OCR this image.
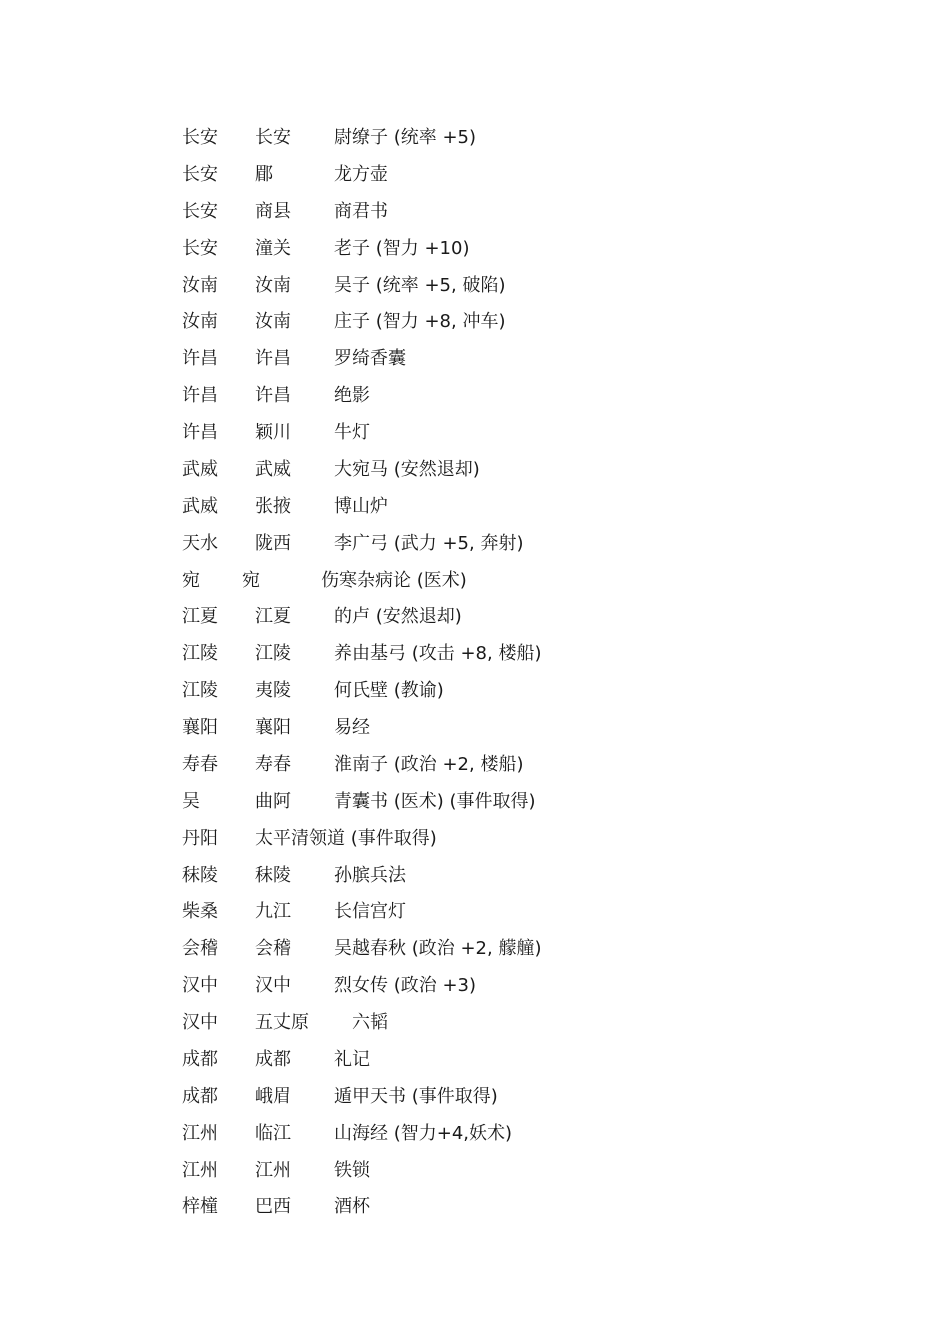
长安 长安 尉缭子 (统率 +5)
长安 郿	龙方壶
长安 商县 商君书
长安 潼关 老子 (智力 +10)
汝南 汝南 吴子 (统率 +5, 破陷)
汝南 汝南 庄子 (智力 +8, 冲车)
许昌 许昌 罗绮香囊
许昌 许昌 绝影
许昌 颖川 牛灯
武威 武威 大宛马 (安然退却)
武威 张掖 博山炉
天水 陇西 李广弓 (武力 +5, 奔射)
宛 宛	伤寒杂病论 (医术)
江夏 江夏 的卢 (安然退却)
江陵 江陵 养由基弓 (攻击 +8, 楼船)
江陵 夷陵 何氏壁 (教谕)
襄阳 襄阳 易经
寿春 寿春 淮南子 (政治 +2, 楼船)
吴	曲阿 青囊书 (医术) (事件取得)
丹阳 太平清领道 (事件取得)
秣陵 秣陵 孙膑兵法
柴桑 九江 长信宫灯
会稽 会稽 吴越春秋 (政治 +2, 艨艟)
汉中 汉中 烈女传 (政治 +3)
汉中 五丈原 六韬
成都 成都 礼记
成都 峨眉 遁甲天书 (事件取得)
江州 临江 山海经 (智力+4,妖术)
江州 江州 铁锁
梓橦 巴西 酒杯
